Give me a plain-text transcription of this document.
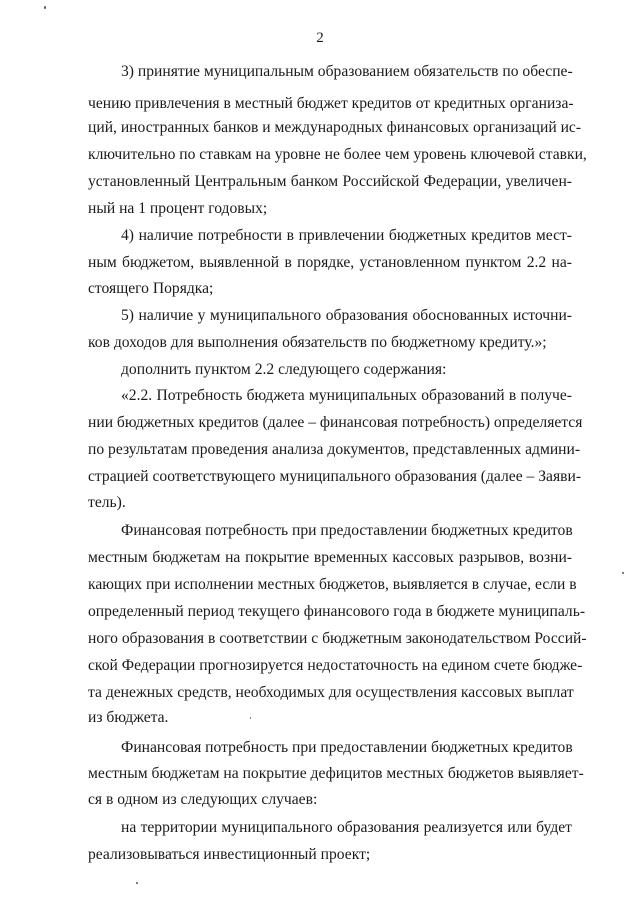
2
3) принятие муниципальным образованием обязательств по обеспе-
чению привлечения в местный бюджет кредитов от кредитных организа-
ций, иностранных банков и международных финансовых организаций ис-
ключительно по ставкам на уровне не более чем уровень ключевой ставки,
установленный Центральным банком Российской Федерации, увеличен-
ный на 1 процент годовых;
4) наличие потребности в привлечении бюджетных кредитов мест-
ным бюджетом, выявленной в порядке, установленном пунктом 2.2 на-
стоящего Порядка;
5) наличие у муниципального образования обоснованных источни-
ков доходов для выполнения обязательств по бюджетному кредиту.»;
дополнить пунктом 2.2 следующего содержания:
«2.2. Потребность бюджета муниципальных образований в получе-
нии бюджетных кредитов (далее – финансовая потребность) определяется
по результатам проведения анализа документов, представленных админи-
страцией соответствующего муниципального образования (далее – Заяви-
тель).
Финансовая потребность при предоставлении бюджетных кредитов
местным бюджетам на покрытие временных кассовых разрывов, возни-
кающих при исполнении местных бюджетов, выявляется в случае, если в
определенный период текущего финансового года в бюджете муниципаль-
ного образования в соответствии с бюджетным законодательством Россий-
ской Федерации прогнозируется недостаточность на едином счете бюдже-
та денежных средств, необходимых для осуществления кассовых выплат
из бюджета.
Финансовая потребность при предоставлении бюджетных кредитов
местным бюджетам на покрытие дефицитов местных бюджетов выявляет-
ся в одном из следующих случаев:
на территории муниципального образования реализуется или будет
реализовываться инвестиционный проект;
